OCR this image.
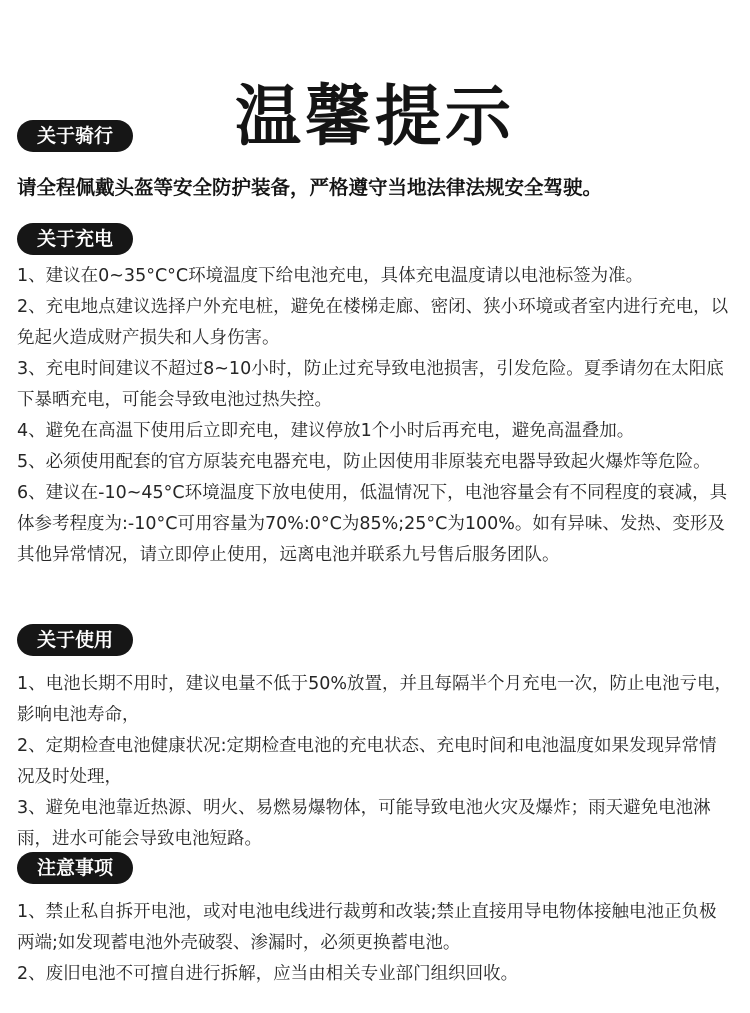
温馨提示
关于骑行
请全程佩戴头盔等安全防护装备，严格遵守当地法律法规安全驾驶。
关于充电
1、建议在0~35°C°C环境温度下给电池充电，具体充电温度请以电池标签为准。
2、充电地点建议选择户外充电桩，避免在楼梯走廊、密闭、狭小环境或者室内进行充电，以免起火造成财产损失和人身伤害。
3、充电时间建议不超过8~10小时，防止过充导致电池损害，引发危险。夏季请勿在太阳底下暴晒充电，可能会导致电池过热失控。
4、避免在高温下使用后立即充电，建议停放1个小时后再充电，避免高温叠加。
5、必须使用配套的官方原装充电器充电，防止因使用非原装充电器导致起火爆炸等危险。
6、建议在-10~45°C环境温度下放电使用，低温情况下，电池容量会有不同程度的衰减，具体参考程度为:-10°C可用容量为70%:0°C为85%;25°C为100%。如有异味、发热、变形及其他异常情况，请立即停止使用，远离电池并联系九号售后服务团队。
关于使用
1、电池长期不用时，建议电量不低于50%放置，并且每隔半个月充电一次，防止电池亏电，影响电池寿命，
2、定期检查电池健康状况:定期检查电池的充电状态、充电时间和电池温度如果发现异常情况及时处理，
3、避免电池靠近热源、明火、易燃易爆物体，可能导致电池火灾及爆炸；雨天避免电池淋雨，进水可能会导致电池短路。
注意事项
1、禁止私自拆开电池，或对电池电线进行裁剪和改装;禁止直接用导电物体接触电池正负极两端;如发现蓄电池外壳破裂、渗漏时，必须更换蓄电池。
2、废旧电池不可擅自进行拆解，应当由相关专业部门组织回收。
